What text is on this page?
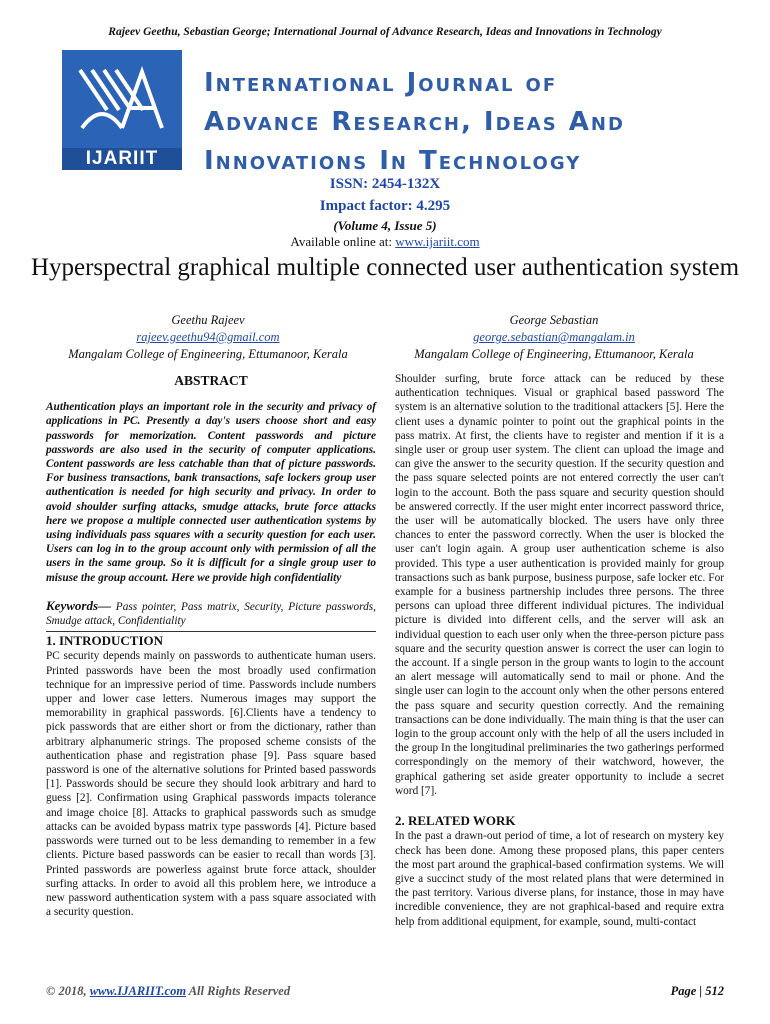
Rajeev Geethu, Sebastian George; International Journal of Advance Research, Ideas and Innovations in Technology
IJARIIT
International Journal of
Advance Research, Ideas And
Innovations In Technology
ISSN: 2454-132X
Impact factor: 4.295
(Volume 4, Issue 5)
Available online at: www.ijariit.com
Hyperspectral graphical multiple connected user authentication system
Geethu Rajeev
rajeev.geethu94@gmail.com
Mangalam College of Engineering, Ettumanoor, Kerala
George Sebastian
george.sebastian@mangalam.in
Mangalam College of Engineering, Ettumanoor, Kerala
ABSTRACT

Authentication plays an important role in the security and privacy of applications in PC. Presently a day's users choose short and easy passwords for memorization. Content passwords and picture passwords are also used in the security of computer applications. Content passwords are less catchable than that of picture passwords. For business transactions, bank transactions, safe lockers group user authentication is needed for high security and privacy. In order to avoid shoulder surfing attacks, smudge attacks, brute force attacks here we propose a multiple connected user authentication systems by using individuals pass squares with a security question for each user. Users can log in to the group account only with permission of all the users in the same group. So it is difficult for a single group user to misuse the group account. Here we provide high confidentiality

Keywords— Pass pointer, Pass matrix, Security, Picture passwords, Smudge attack, Confidentiality

1. INTRODUCTION

PC security depends mainly on passwords to authenticate human users. Printed passwords have been the most broadly used confirmation technique for an impressive period of time. Passwords include numbers upper and lower case letters. Numerous images may support the memorability in graphical passwords. [6].Clients have a tendency to pick passwords that are either short or from the dictionary, rather than arbitrary alphanumeric strings. The proposed scheme consists of the authentication phase and registration phase [9]. Pass square based password is one of the alternative solutions for Printed based passwords [1]. Passwords should be secure they should look arbitrary and hard to guess [2]. Confirmation using Graphical passwords impacts tolerance and image choice [8]. Attacks to graphical passwords such as smudge attacks can be avoided bypass matrix type passwords [4]. Picture based passwords were turned out to be less demanding to remember in a few clients. Picture based passwords can be easier to recall than words [3]. Printed passwords are powerless against brute force attack, shoulder surfing attacks. In order to avoid all this problem here, we introduce a new password authentication system with a pass square associated with a security question.

Shoulder surfing, brute force attack can be reduced by these authentication techniques. Visual or graphical based password The system is an alternative solution to the traditional attackers [5]. Here the client uses a dynamic pointer to point out the graphical points in the pass matrix. At first, the clients have to register and mention if it is a single user or group user system. The client can upload the image and can give the answer to the security question. If the security question and the pass square selected points are not entered correctly the user can't login to the account. Both the pass square and security question should be answered correctly. If the user might enter incorrect password thrice, the user will be automatically blocked. The users have only three chances to enter the password correctly. When the user is blocked the user can't login again. A group user authentication scheme is also provided. This type a user authentication is provided mainly for group transactions such as bank purpose, business purpose, safe locker etc. For example for a business partnership includes three persons. The three persons can upload three different individual pictures. The individual picture is divided into different cells, and the server will ask an individual question to each user only when the three-person picture pass square and the security question answer is correct the user can login to the account. If a single person in the group wants to login to the account an alert message will automatically send to mail or phone. And the single user can login to the account only when the other persons entered the pass square and security question correctly. And the remaining transactions can be done individually. The main thing is that the user can login to the group account only with the help of all the users included in the group In the longitudinal preliminaries the two gatherings performed correspondingly on the memory of their watchword, however, the graphical gathering set aside greater opportunity to include a secret word [7].

2. RELATED WORK

In the past a drawn-out period of time, a lot of research on mystery key check has been done. Among these proposed plans, this paper centers the most part around the graphical-based confirmation systems. We will give a succinct study of the most related plans that were determined in the past territory. Various diverse plans, for instance, those in may have incredible convenience, they are not graphical-based and require extra help from additional equipment, for example, sound, multi-contact

© 2018, www.IJARIIT.com All Rights Reserved	Page | 512
